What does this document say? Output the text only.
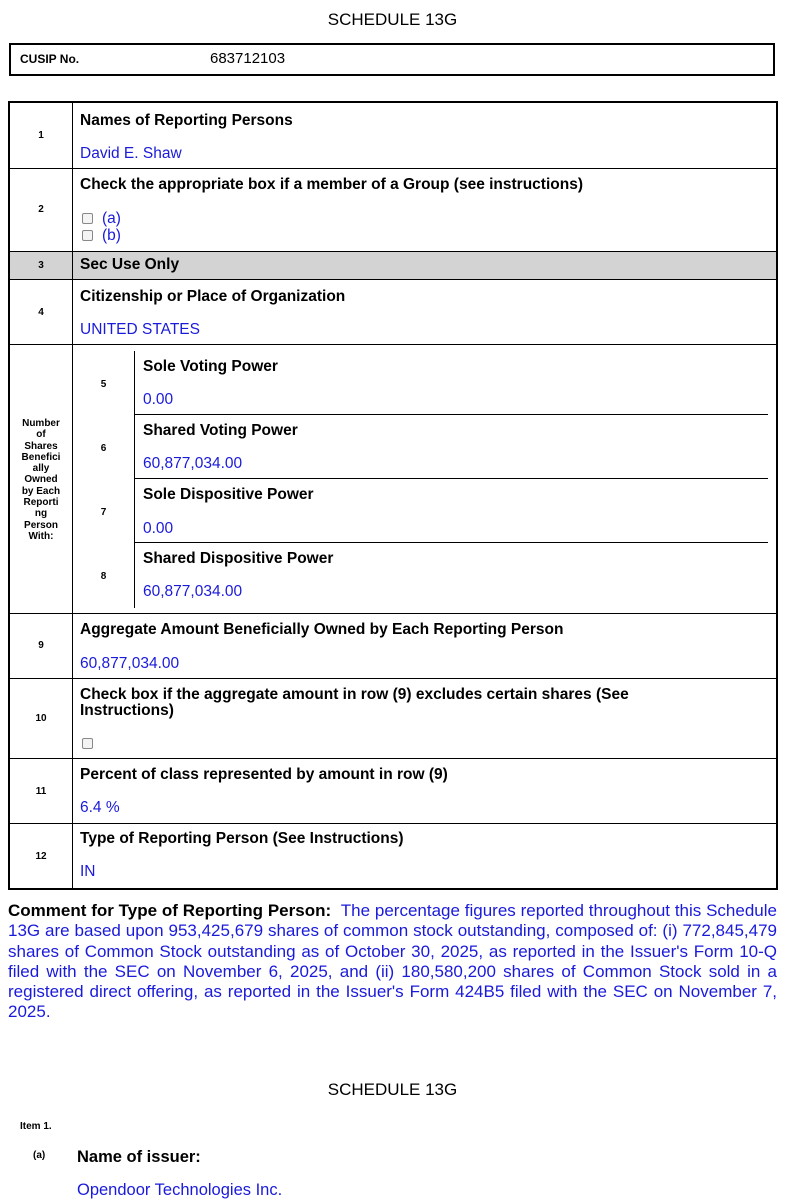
SCHEDULE 13G
CUSIP No.	683712103
1
Names of Reporting Persons
David E. Shaw
2
Check the appropriate box if a member of a Group (see instructions)
(a)
(b)
3	Sec Use Only
4
Citizenship or Place of Organization
UNITED STATES
Number
of
Shares
Benefici
ally
Owned
by Each
Reporti
ng
Person
With:
5
Sole Voting Power
0.00
6
Shared Voting Power
60,877,034.00
7
Sole Dispositive Power
0.00
8
Shared Dispositive Power
60,877,034.00
9
Aggregate Amount Beneficially Owned by Each Reporting Person
60,877,034.00
10
Check box if the aggregate amount in row (9) excludes certain shares (See
Instructions)
11
Percent of class represented by amount in row (9)
6.4 %
12
Type of Reporting Person (See Instructions)
IN
Comment for Type of Reporting Person: The percentage figures reported throughout this Schedule 13G are based upon 953,425,679 shares of common stock outstanding, composed of: (i) 772,845,479 shares of Common Stock outstanding as of October 30, 2025, as reported in the Issuer's Form 10-Q filed with the SEC on November 6, 2025, and (ii) 180,580,200 shares of Common Stock sold in a registered direct offering, as reported in the Issuer's Form 424B5 filed with the SEC on November 7, 2025.
SCHEDULE 13G
Item 1.
(a) Name of issuer:
Opendoor Technologies Inc.
